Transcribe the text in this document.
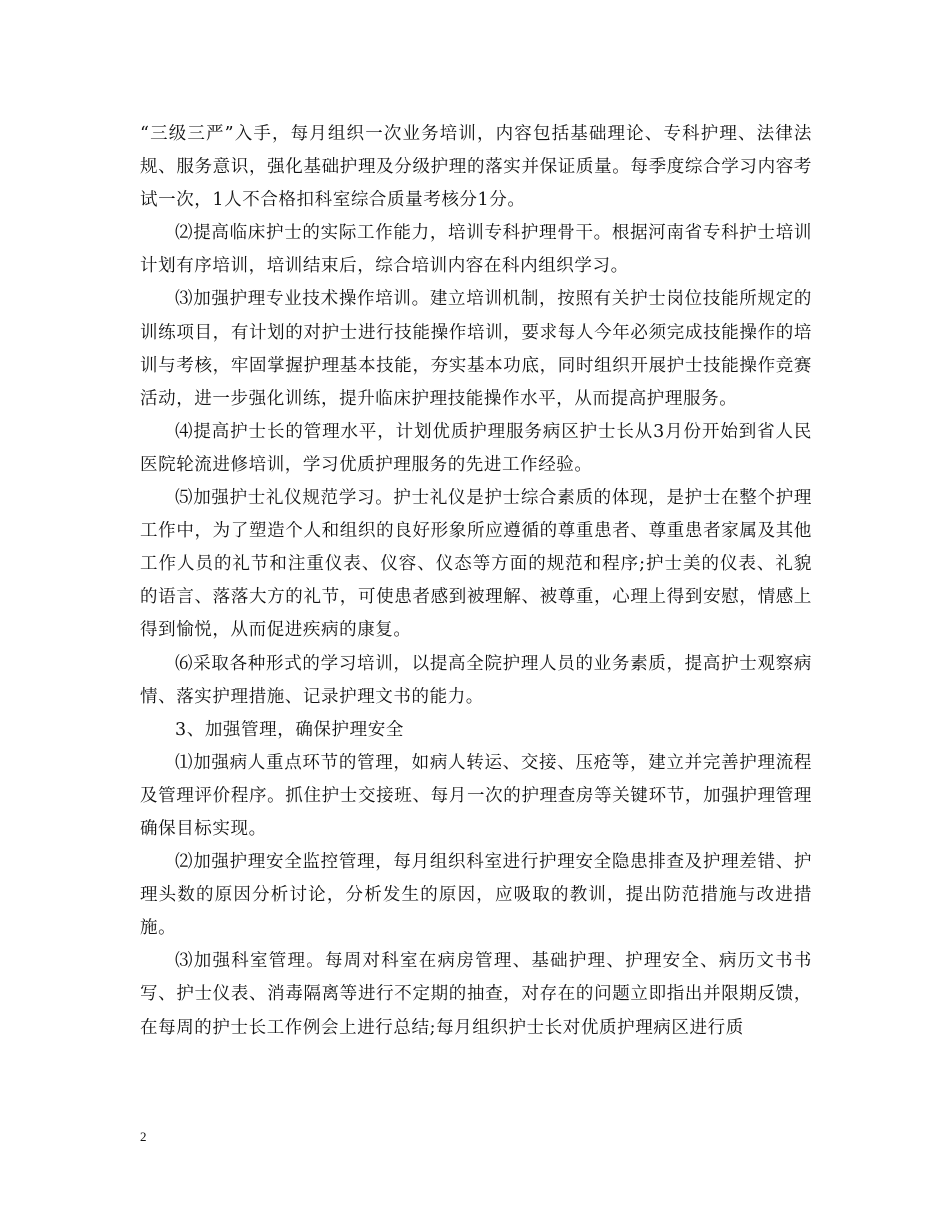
“三级三严”入手，每月组织一次业务培训，内容包括基础理论、专科护理、法律法规、服务意识，强化基础护理及分级护理的落实并保证质量。每季度综合学习内容考试一次，1人不合格扣科室综合质量考核分1分。

⑵提高临床护士的实际工作能力，培训专科护理骨干。根据河南省专科护士培训计划有序培训，培训结束后，综合培训内容在科内组织学习。

⑶加强护理专业技术操作培训。建立培训机制，按照有关护士岗位技能所规定的训练项目，有计划的对护士进行技能操作培训，要求每人今年必须完成技能操作的培训与考核，牢固掌握护理基本技能，夯实基本功底，同时组织开展护士技能操作竞赛活动，进一步强化训练，提升临床护理技能操作水平，从而提高护理服务。

⑷提高护士长的管理水平，计划优质护理服务病区护士长从3月份开始到省人民医院轮流进修培训，学习优质护理服务的先进工作经验。

⑸加强护士礼仪规范学习。护士礼仪是护士综合素质的体现，是护士在整个护理工作中，为了塑造个人和组织的良好形象所应遵循的尊重患者、尊重患者家属及其他工作人员的礼节和注重仪表、仪容、仪态等方面的规范和程序;护士美的仪表、礼貌的语言、落落大方的礼节，可使患者感到被理解、被尊重，心理上得到安慰，情感上得到愉悦，从而促进疾病的康复。

⑹采取各种形式的学习培训，以提高全院护理人员的业务素质，提高护士观察病情、落实护理措施、记录护理文书的能力。

3、加强管理，确保护理安全

⑴加强病人重点环节的管理，如病人转运、交接、压疮等，建立并完善护理流程及管理评价程序。抓住护士交接班、每月一次的护理查房等关键环节，加强护理管理确保目标实现。

⑵加强护理安全监控管理，每月组织科室进行护理安全隐患排查及护理差错、护理头数的原因分析讨论，分析发生的原因，应吸取的教训，提出防范措施与改进措施。

⑶加强科室管理。每周对科室在病房管理、基础护理、护理安全、病历文书书写、护士仪表、消毒隔离等进行不定期的抽查，对存在的问题立即指出并限期反馈，在每周的护士长工作例会上进行总结;每月组织护士长对优质护理病区进行质

2
